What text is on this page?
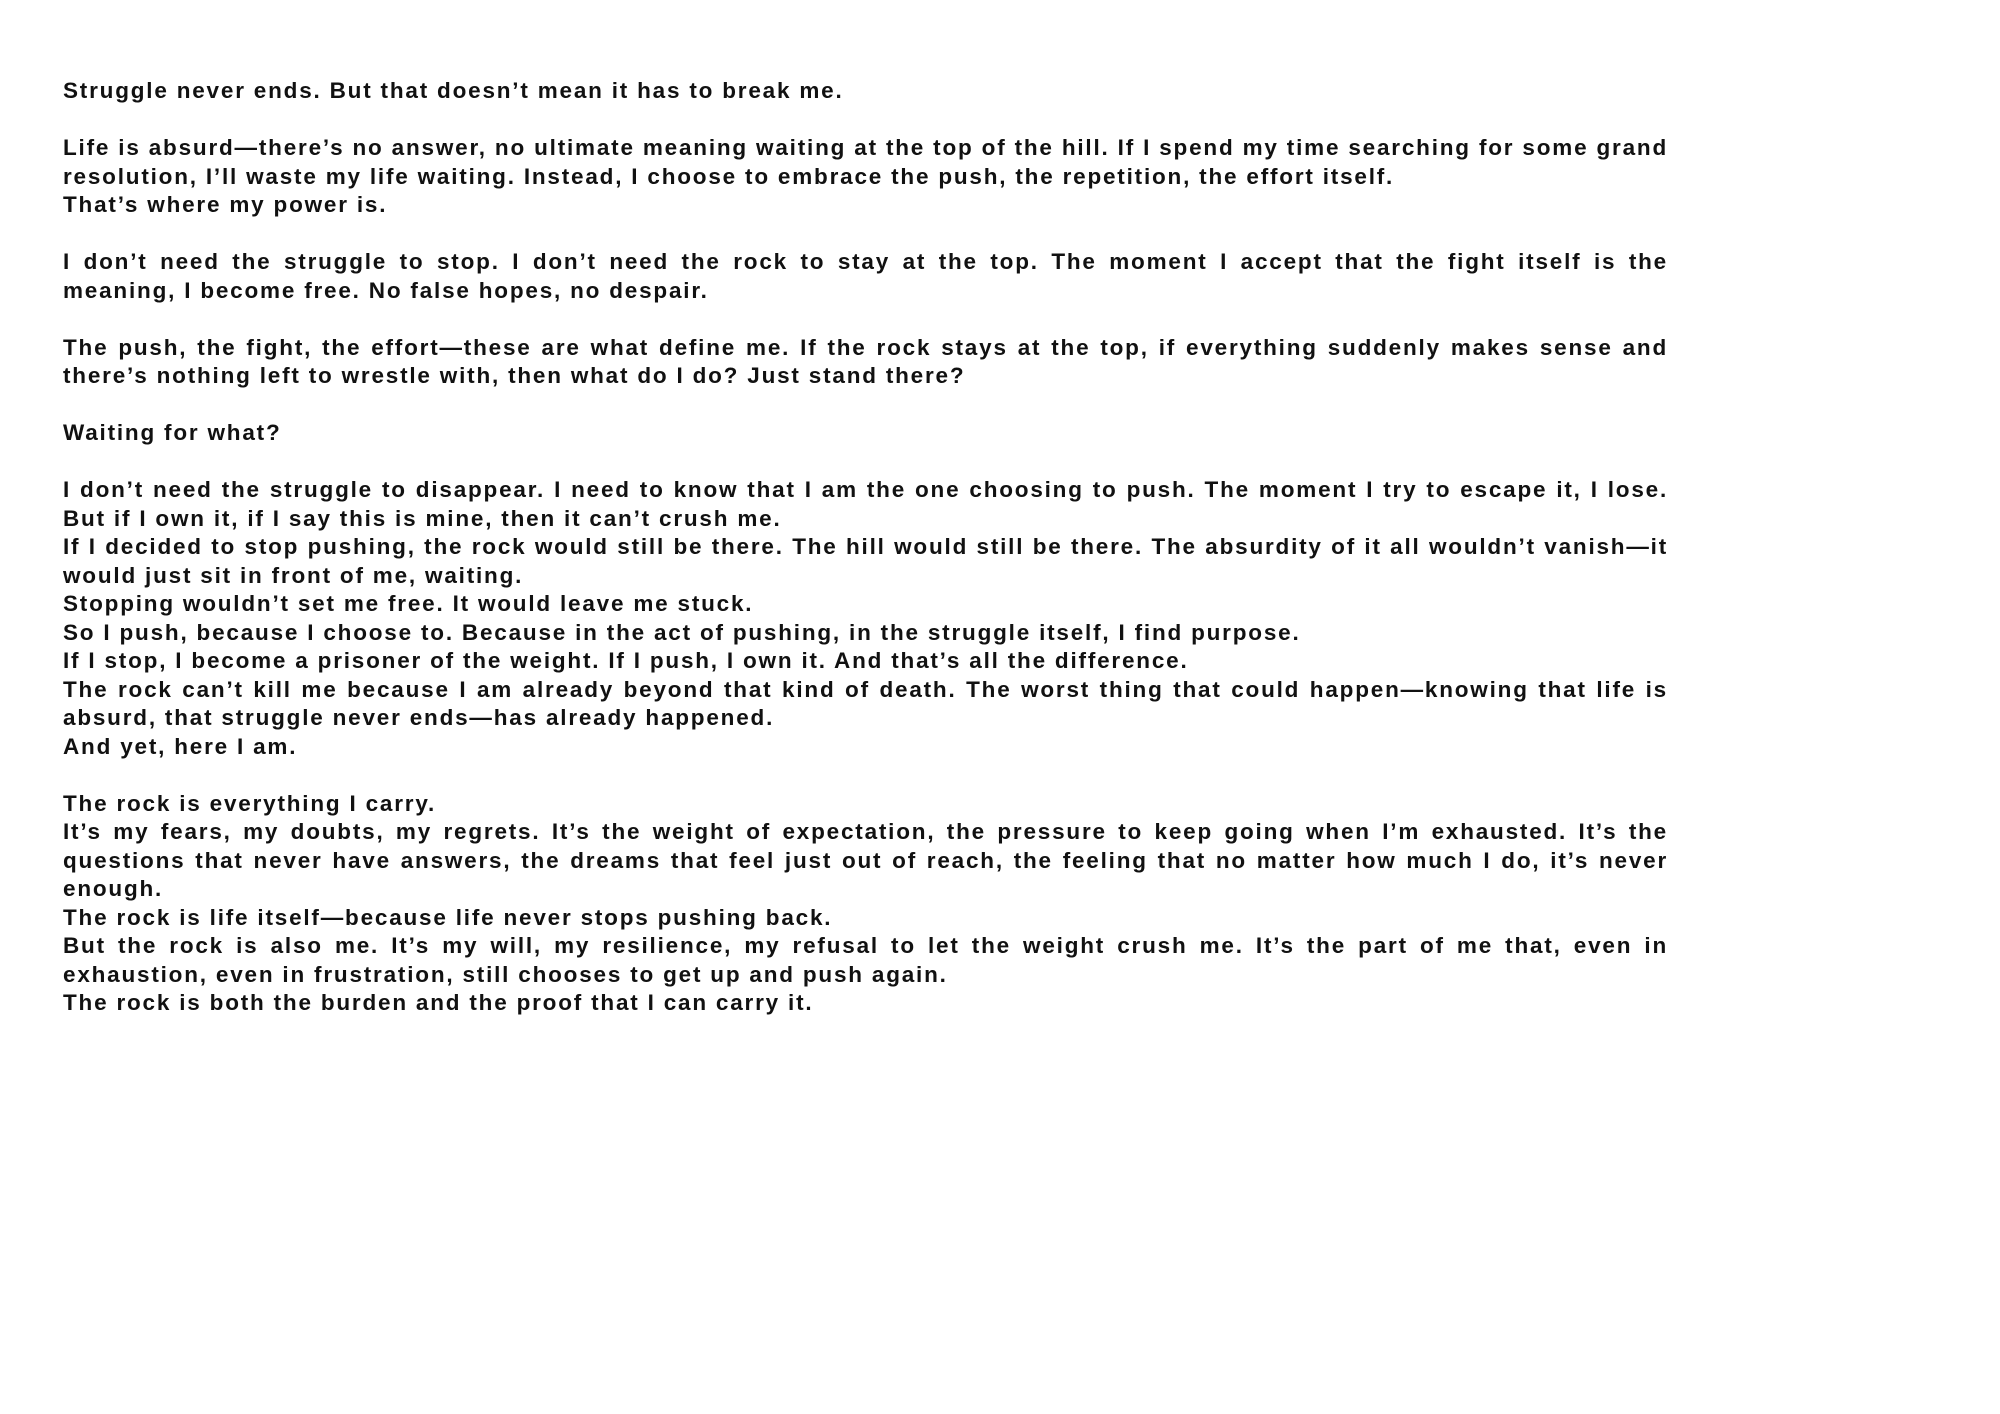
Struggle never ends. But that doesn’t mean it has to break me.

Life is absurd—there’s no answer, no ultimate meaning waiting at the top of the hill. If I spend my time searching for some grand resolution, I’ll waste my life waiting. Instead, I choose to embrace the push, the repetition, the effort itself.
That’s where my power is.

I don’t need the struggle to stop. I don’t need the rock to stay at the top. The moment I accept that the fight itself is the meaning, I become free. No false hopes, no despair.

The push, the fight, the effort—these are what define me. If the rock stays at the top, if everything suddenly makes sense and there’s nothing left to wrestle with, then what do I do? Just stand there?

Waiting for what?

I don’t need the struggle to disappear. I need to know that I am the one choosing to push. The moment I try to escape it, I lose. But if I own it, if I say this is mine, then it can’t crush me.
If I decided to stop pushing, the rock would still be there. The hill would still be there. The absurdity of it all wouldn’t vanish—it would just sit in front of me, waiting.
Stopping wouldn’t set me free. It would leave me stuck.
So I push, because I choose to. Because in the act of pushing, in the struggle itself, I find purpose.
If I stop, I become a prisoner of the weight. If I push, I own it. And that’s all the difference.
The rock can’t kill me because I am already beyond that kind of death. The worst thing that could happen—knowing that life is absurd, that struggle never ends—has already happened.
And yet, here I am.

The rock is everything I carry.
It’s my fears, my doubts, my regrets. It’s the weight of expectation, the pressure to keep going when I’m exhausted. It’s the questions that never have answers, the dreams that feel just out of reach, the feeling that no matter how much I do, it’s never enough.
The rock is life itself—because life never stops pushing back.
But the rock is also me. It’s my will, my resilience, my refusal to let the weight crush me. It’s the part of me that, even in exhaustion, even in frustration, still chooses to get up and push again.
The rock is both the burden and the proof that I can carry it.
